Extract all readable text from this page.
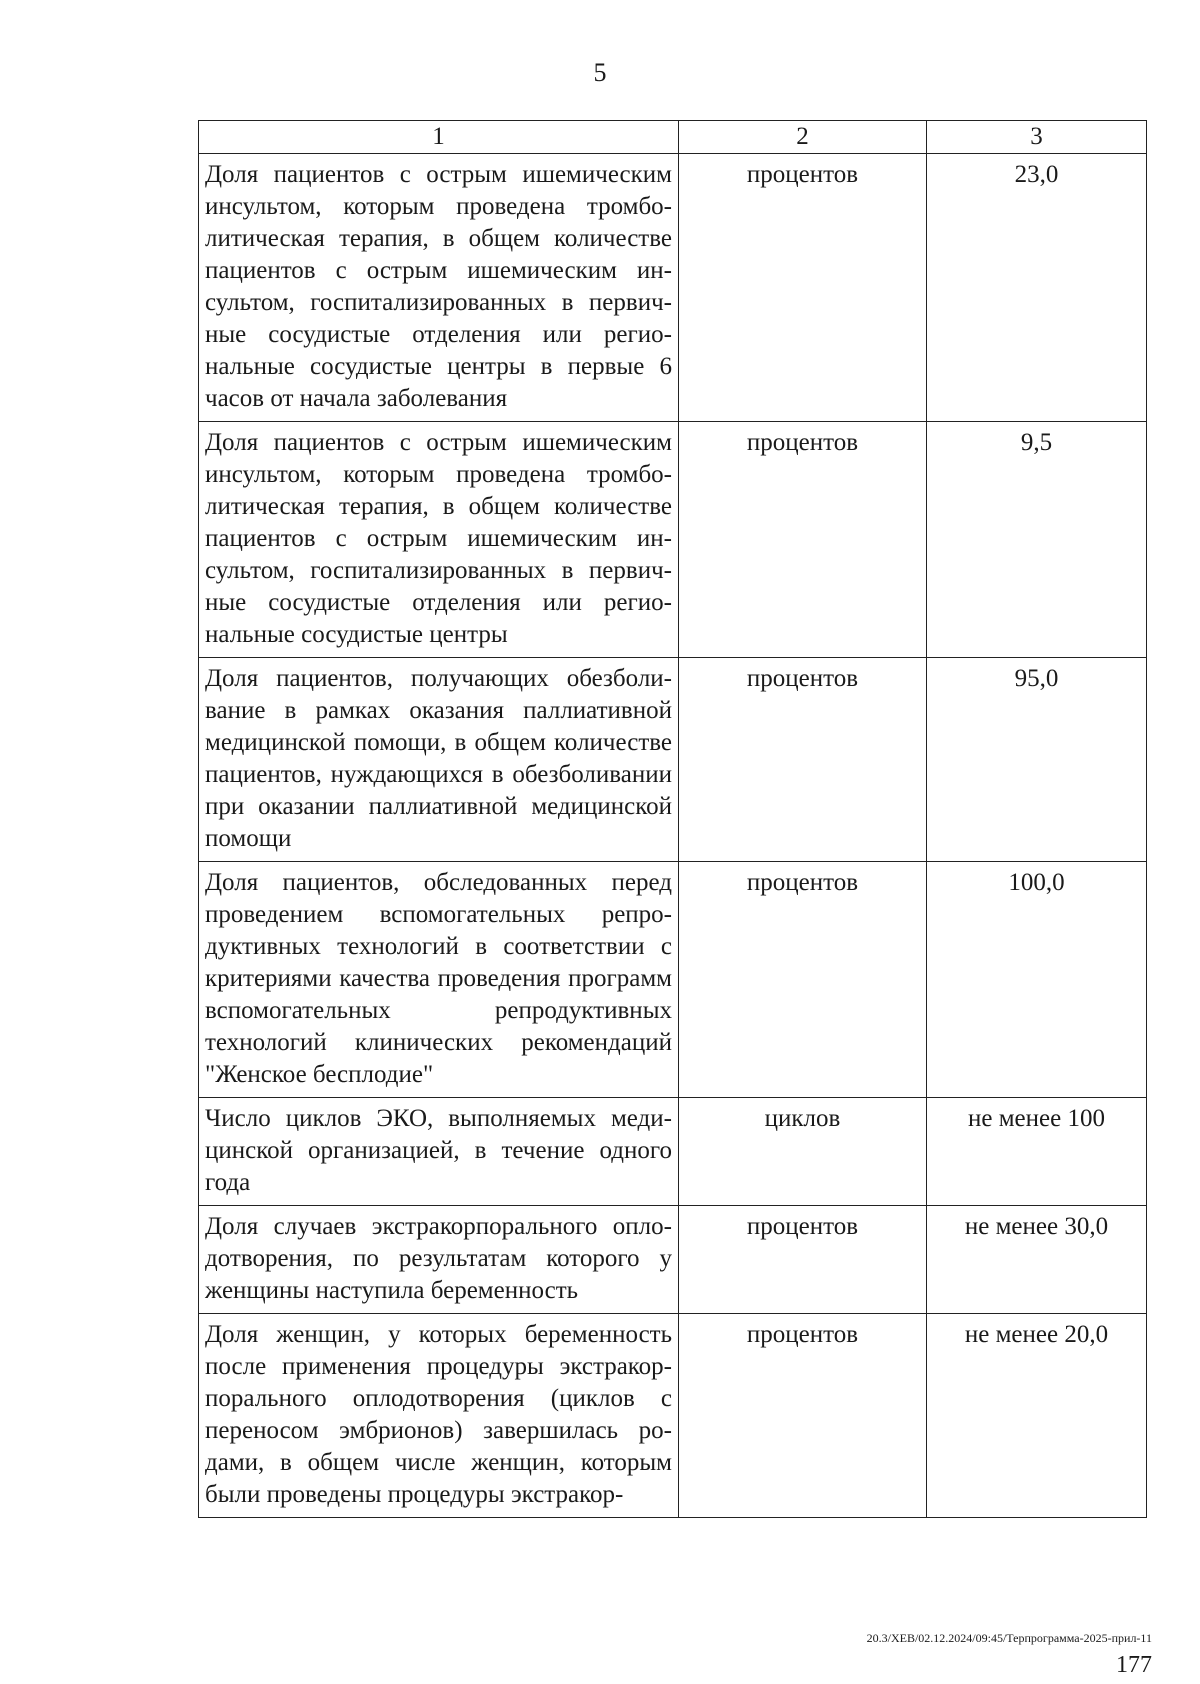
5
1	2	3
Доля пациентов с острым ишемическим инсультом, которым проведена тромболитическая терапия, в общем количестве пациентов с острым ишемическим инсультом, госпитализированных в первичные сосудистые отделения или региональные сосудистые центры в первые 6 часов от начала заболевания	процентов	23,0
Доля пациентов с острым ишемическим инсультом, которым проведена тромболитическая терапия, в общем количестве пациентов с острым ишемическим инсультом, госпитализированных в первичные сосудистые отделения или региональные сосудистые центры	процентов	9,5
Доля пациентов, получающих обезболивание в рамках оказания паллиативной медицинской помощи, в общем количестве пациентов, нуждающихся в обезболивании при оказании паллиативной медицинской помощи	процентов	95,0
Доля пациентов, обследованных перед проведением вспомогательных репродуктивных технологий в соответствии с критериями качества проведения программ вспомогательных репродуктивных технологий клинических рекомендаций "Женское бесплодие"	процентов	100,0
Число циклов ЭКО, выполняемых медицинской организацией, в течение одного года	циклов	не менее 100
Доля случаев экстракорпорального оплодотворения, по результатам которого у женщины наступила беременность	процентов	не менее 30,0
Доля женщин, у которых беременность после применения процедуры экстракорпорального оплодотворения (циклов с переносом эмбрионов) завершилась родами, в общем числе женщин, которым были проведены процедуры экстракор-	процентов	не менее 20,0
20.3/ХЕВ/02.12.2024/09:45/Терпрограмма-2025-прил-11
177
